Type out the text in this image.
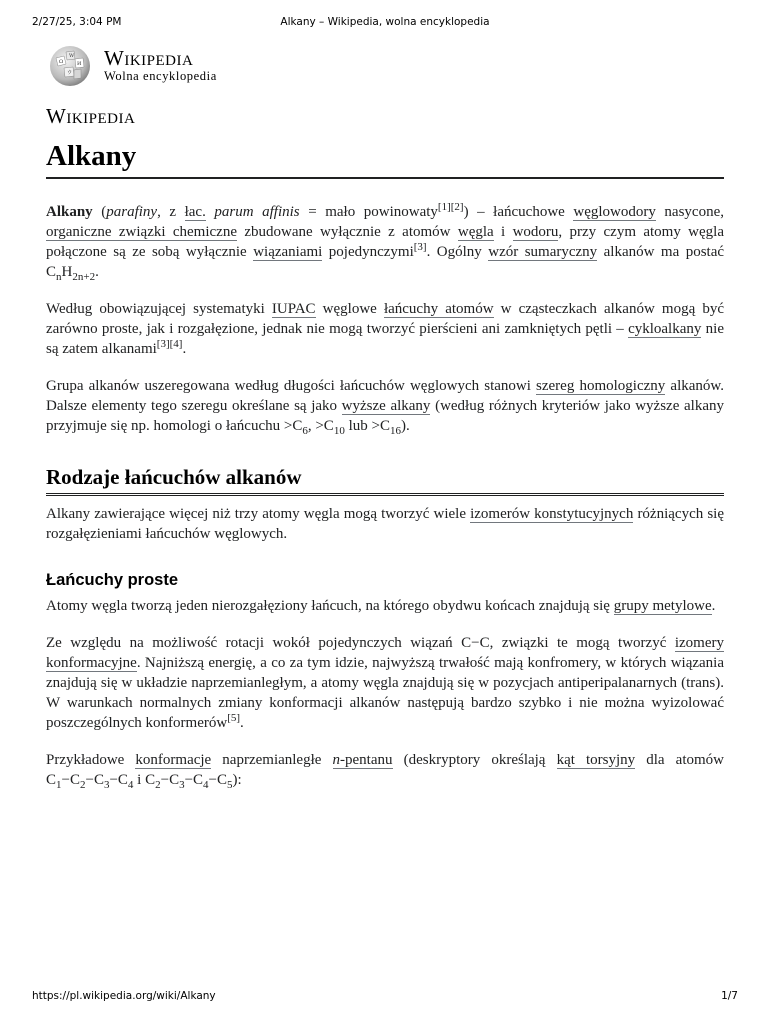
2/27/25, 3:04 PM	Alkany – Wikipedia, wolna encyklopedia
Ω
W
И
ウ
Wikipedia
Wolna encyklopedia
Wikipedia
Alkany

Alkany (parafiny, z łac. parum affinis = mało powinowaty[1][2]) – łańcuchowe węglowodory nasycone, organiczne związki chemiczne zbudowane wyłącznie z atomów węgla i wodoru, przy czym atomy węgla połączone są ze sobą wyłącznie wiązaniami pojedynczymi[3]. Ogólny wzór sumaryczny alkanów ma postać $C_nH_{2n+2}$.

Według obowiązującej systematyki IUPAC węglowe łańcuchy atomów w cząsteczkach alkanów mogą być zarówno proste, jak i rozgałęzione, jednak nie mogą tworzyć pierścieni ani zamkniętych pętli – cykloalkany nie są zatem alkanami[3][4].

Grupa alkanów uszeregowana według długości łańcuchów węglowych stanowi szereg homologiczny alkanów. Dalsze elementy tego szeregu określane są jako wyższe alkany (według różnych kryteriów jako wyższe alkany przyjmuje się np. homologi o łańcuchu $>C_6$, $>C_{10}$ lub $>C_{16}$).

Rodzaje łańcuchów alkanów

Alkany zawierające więcej niż trzy atomy węgla mogą tworzyć wiele izomerów konstytucyjnych różniących się rozgałęzieniami łańcuchów węglowych.

Łańcuchy proste

Atomy węgla tworzą jeden nierozgałęziony łańcuch, na którego obydwu końcach znajdują się grupy metylowe.

Ze względu na możliwość rotacji wokół pojedynczych wiązań C−C, związki te mogą tworzyć izomery konformacyjne. Najniższą energię, a co za tym idzie, najwyższą trwałość mają konfromery, w których wiązania znajdują się w układzie naprzemianległym, a atomy węgla znajdują się w pozycjach antiperipalanarnych (trans). W warunkach normalnych zmiany konformacji alkanów następują bardzo szybko i nie można wyizolować poszczególnych konformerów[5].

Przykładowe konformacje naprzemianległe n-pentanu (deskryptory określają kąt torsyjny dla atomów $C_1-C_2-C_3-C_4$ i $C_2-C_3-C_4-C_5$):

https://pl.wikipedia.org/wiki/Alkany	1/7
